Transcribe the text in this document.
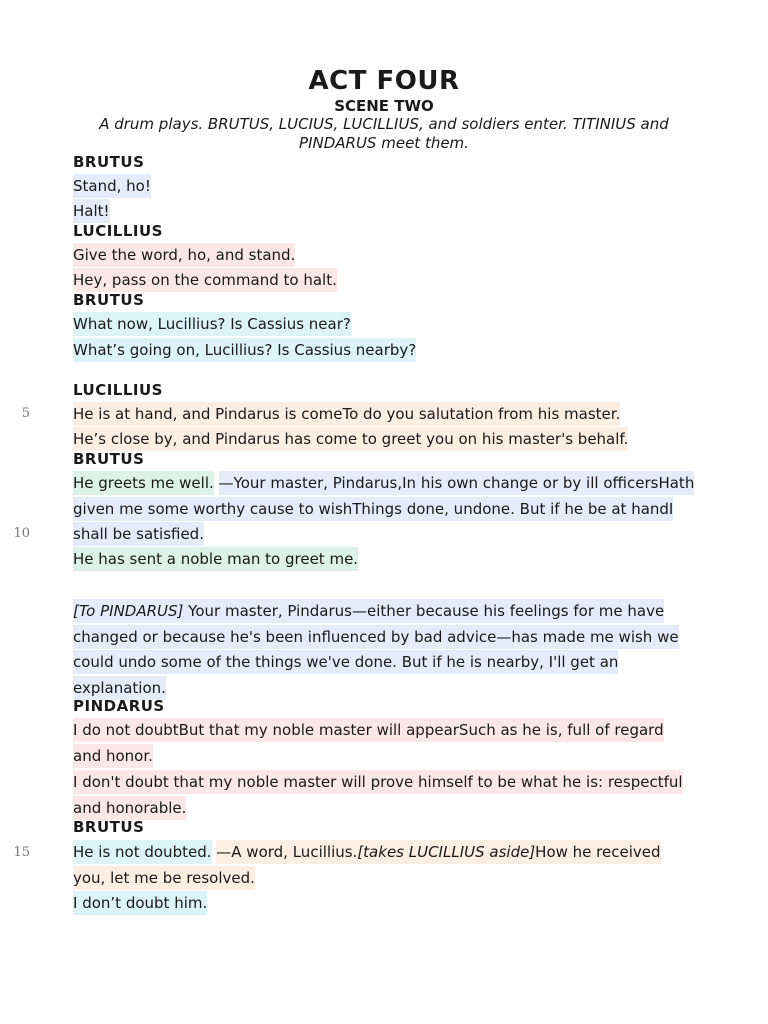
ACT FOUR
SCENE TWO

A drum plays. BRUTUS, LUCIUS, LUCILLIUS, and soldiers enter. TITINIUS and PINDARUS meet them.

BRUTUS
Stand, ho!
Halt!
LUCILLIUS
Give the word, ho, and stand.
Hey, pass on the command to halt.
BRUTUS
What now, Lucillius? Is Cassius near?
What’s going on, Lucillius? Is Cassius nearby?
LUCILLIUS
5	He is at hand, and Pindarus is comeTo do you salutation from his master.
He’s close by, and Pindarus has come to greet you on his master's behalf.
BRUTUS
10
He greets me well. —Your master, Pindarus,In his own change or by ill officersHath given me some worthy cause to wishThings done, undone. But if he be at handI shall be satisfied.
He has sent a noble man to greet me.
[To PINDARUS] Your master, Pindarus—either because his feelings for me have changed or because he's been influenced by bad advice—has made me wish we could undo some of the things we've done. But if he is nearby, I'll get an explanation.
PINDARUS
I do not doubtBut that my noble master will appearSuch as he is, full of regard and honor.
I don't doubt that my noble master will prove himself to be what he is: respectful and honorable.
BRUTUS
15	He is not doubted. —A word, Lucillius.[takes LUCILLIUS aside]How he received you, let me be resolved.
I don’t doubt him.
